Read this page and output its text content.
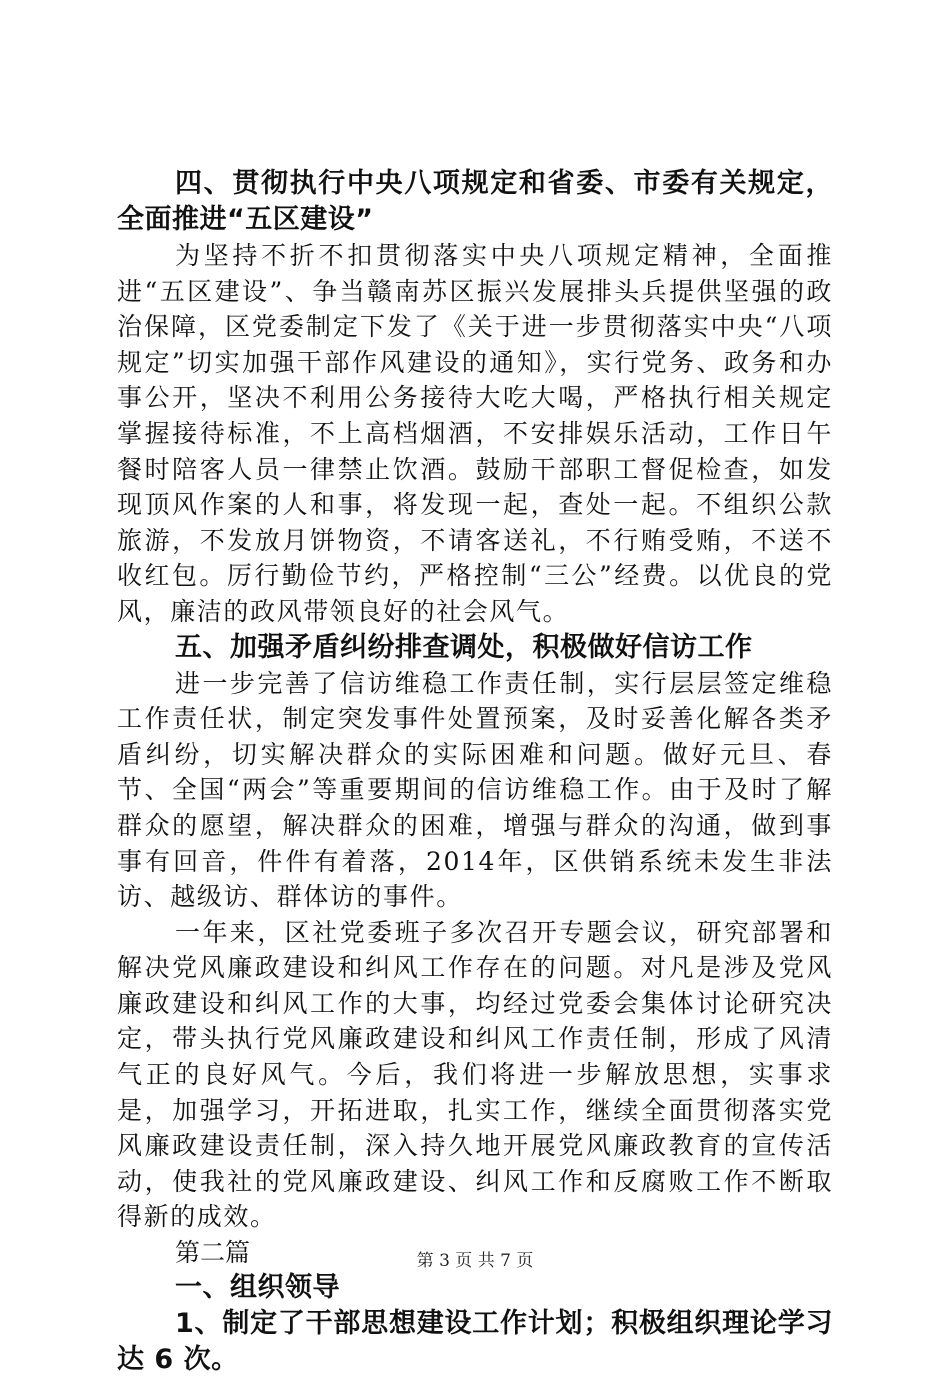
四、贯彻执行中央八项规定和省委、市委有关规定，全面推进“五区建设”

为坚持不折不扣贯彻落实中央八项规定精神，全面推进“五区建设”、争当赣南苏区振兴发展排头兵提供坚强的政治保障，区党委制定下发了《关于进一步贯彻落实中央“八项规定”切实加强干部作风建设的通知》，实行党务、政务和办事公开，坚决不利用公务接待大吃大喝，严格执行相关规定掌握接待标准，不上高档烟酒，不安排娱乐活动，工作日午餐时陪客人员一律禁止饮酒。鼓励干部职工督促检查，如发现顶风作案的人和事，将发现一起，查处一起。不组织公款旅游，不发放月饼物资，不请客送礼，不行贿受贿，不送不收红包。厉行勤俭节约，严格控制“三公”经费。以优良的党风，廉洁的政风带领良好的社会风气。

五、加强矛盾纠纷排查调处，积极做好信访工作

进一步完善了信访维稳工作责任制，实行层层签定维稳工作责任状，制定突发事件处置预案，及时妥善化解各类矛盾纠纷，切实解决群众的实际困难和问题。做好元旦、春节、全国“两会”等重要期间的信访维稳工作。由于及时了解群众的愿望，解决群众的困难，增强与群众的沟通，做到事事有回音，件件有着落，2014年，区供销系统未发生非法访、越级访、群体访的事件。

一年来，区社党委班子多次召开专题会议，研究部署和解决党风廉政建设和纠风工作存在的问题。对凡是涉及党风廉政建设和纠风工作的大事，均经过党委会集体讨论研究决定，带头执行党风廉政建设和纠风工作责任制，形成了风清气正的良好风气。今后，我们将进一步解放思想，实事求是，加强学习，开拓进取，扎实工作，继续全面贯彻落实党风廉政建设责任制，深入持久地开展党风廉政教育的宣传活动，使我社的党风廉政建设、纠风工作和反腐败工作不断取得新的成效。

第二篇

一、组织领导

1、制定了干部思想建设工作计划；积极组织理论学习达 6 次。

第 3 页 共 7 页
